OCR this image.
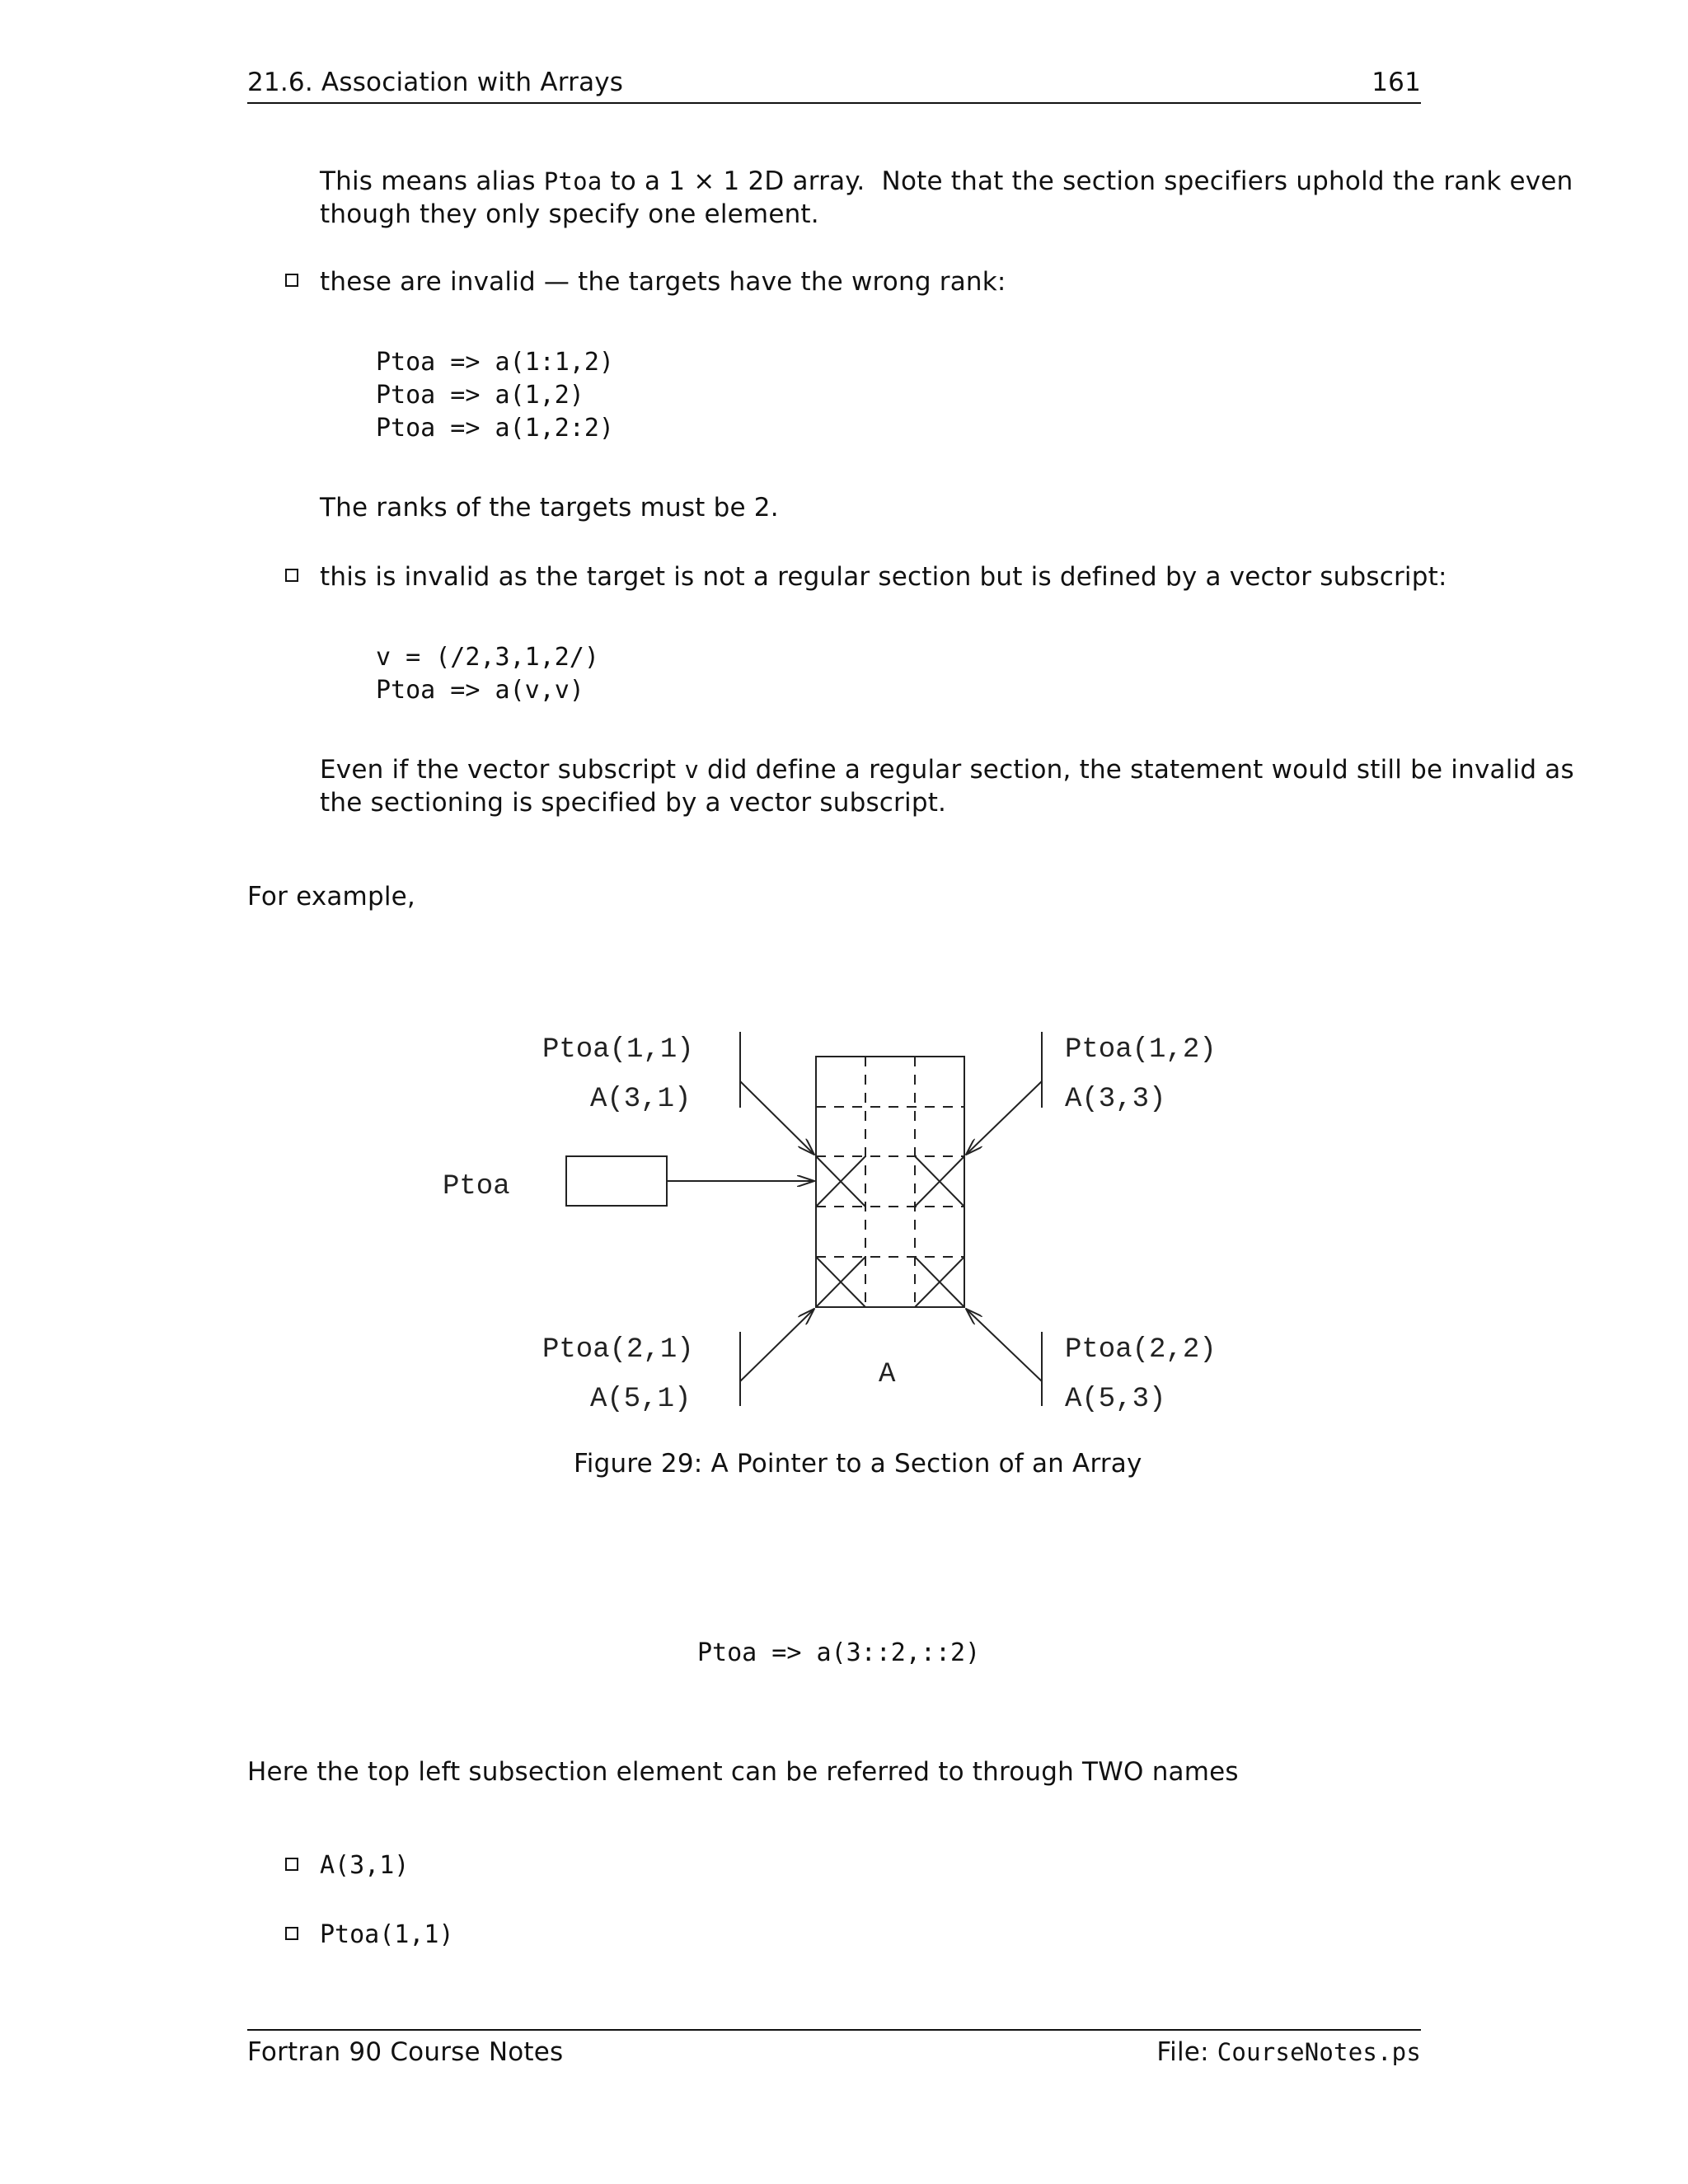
21.6. Association with Arrays	161
This means alias Ptoa to a 1 × 1 2D array.  Note that the section specifiers uphold the rank even
though they only specify one element.
these are invalid — the targets have the wrong rank:
Ptoa => a(1:1,2)
Ptoa => a(1,2)
Ptoa => a(1,2:2)
The ranks of the targets must be 2.
this is invalid as the target is not a regular section but is defined by a vector subscript:
v = (/2,3,1,2/)
Ptoa => a(v,v)
Even if the vector subscript v did define a regular section, the statement would still be invalid as
the sectioning is specified by a vector subscript.
For example,
Ptoa(1,1)
A(3,1)
Ptoa(1,2)
A(3,3)
Ptoa
Ptoa(2,1)
A(5,1)
Ptoa(2,2)
A(5,3)
A
Figure 29: A Pointer to a Section of an Array
Ptoa => a(3::2,::2)
Here the top left subsection element can be referred to through TWO names
A(3,1)
Ptoa(1,1)
Fortran 90 Course Notes	File: CourseNotes.ps
